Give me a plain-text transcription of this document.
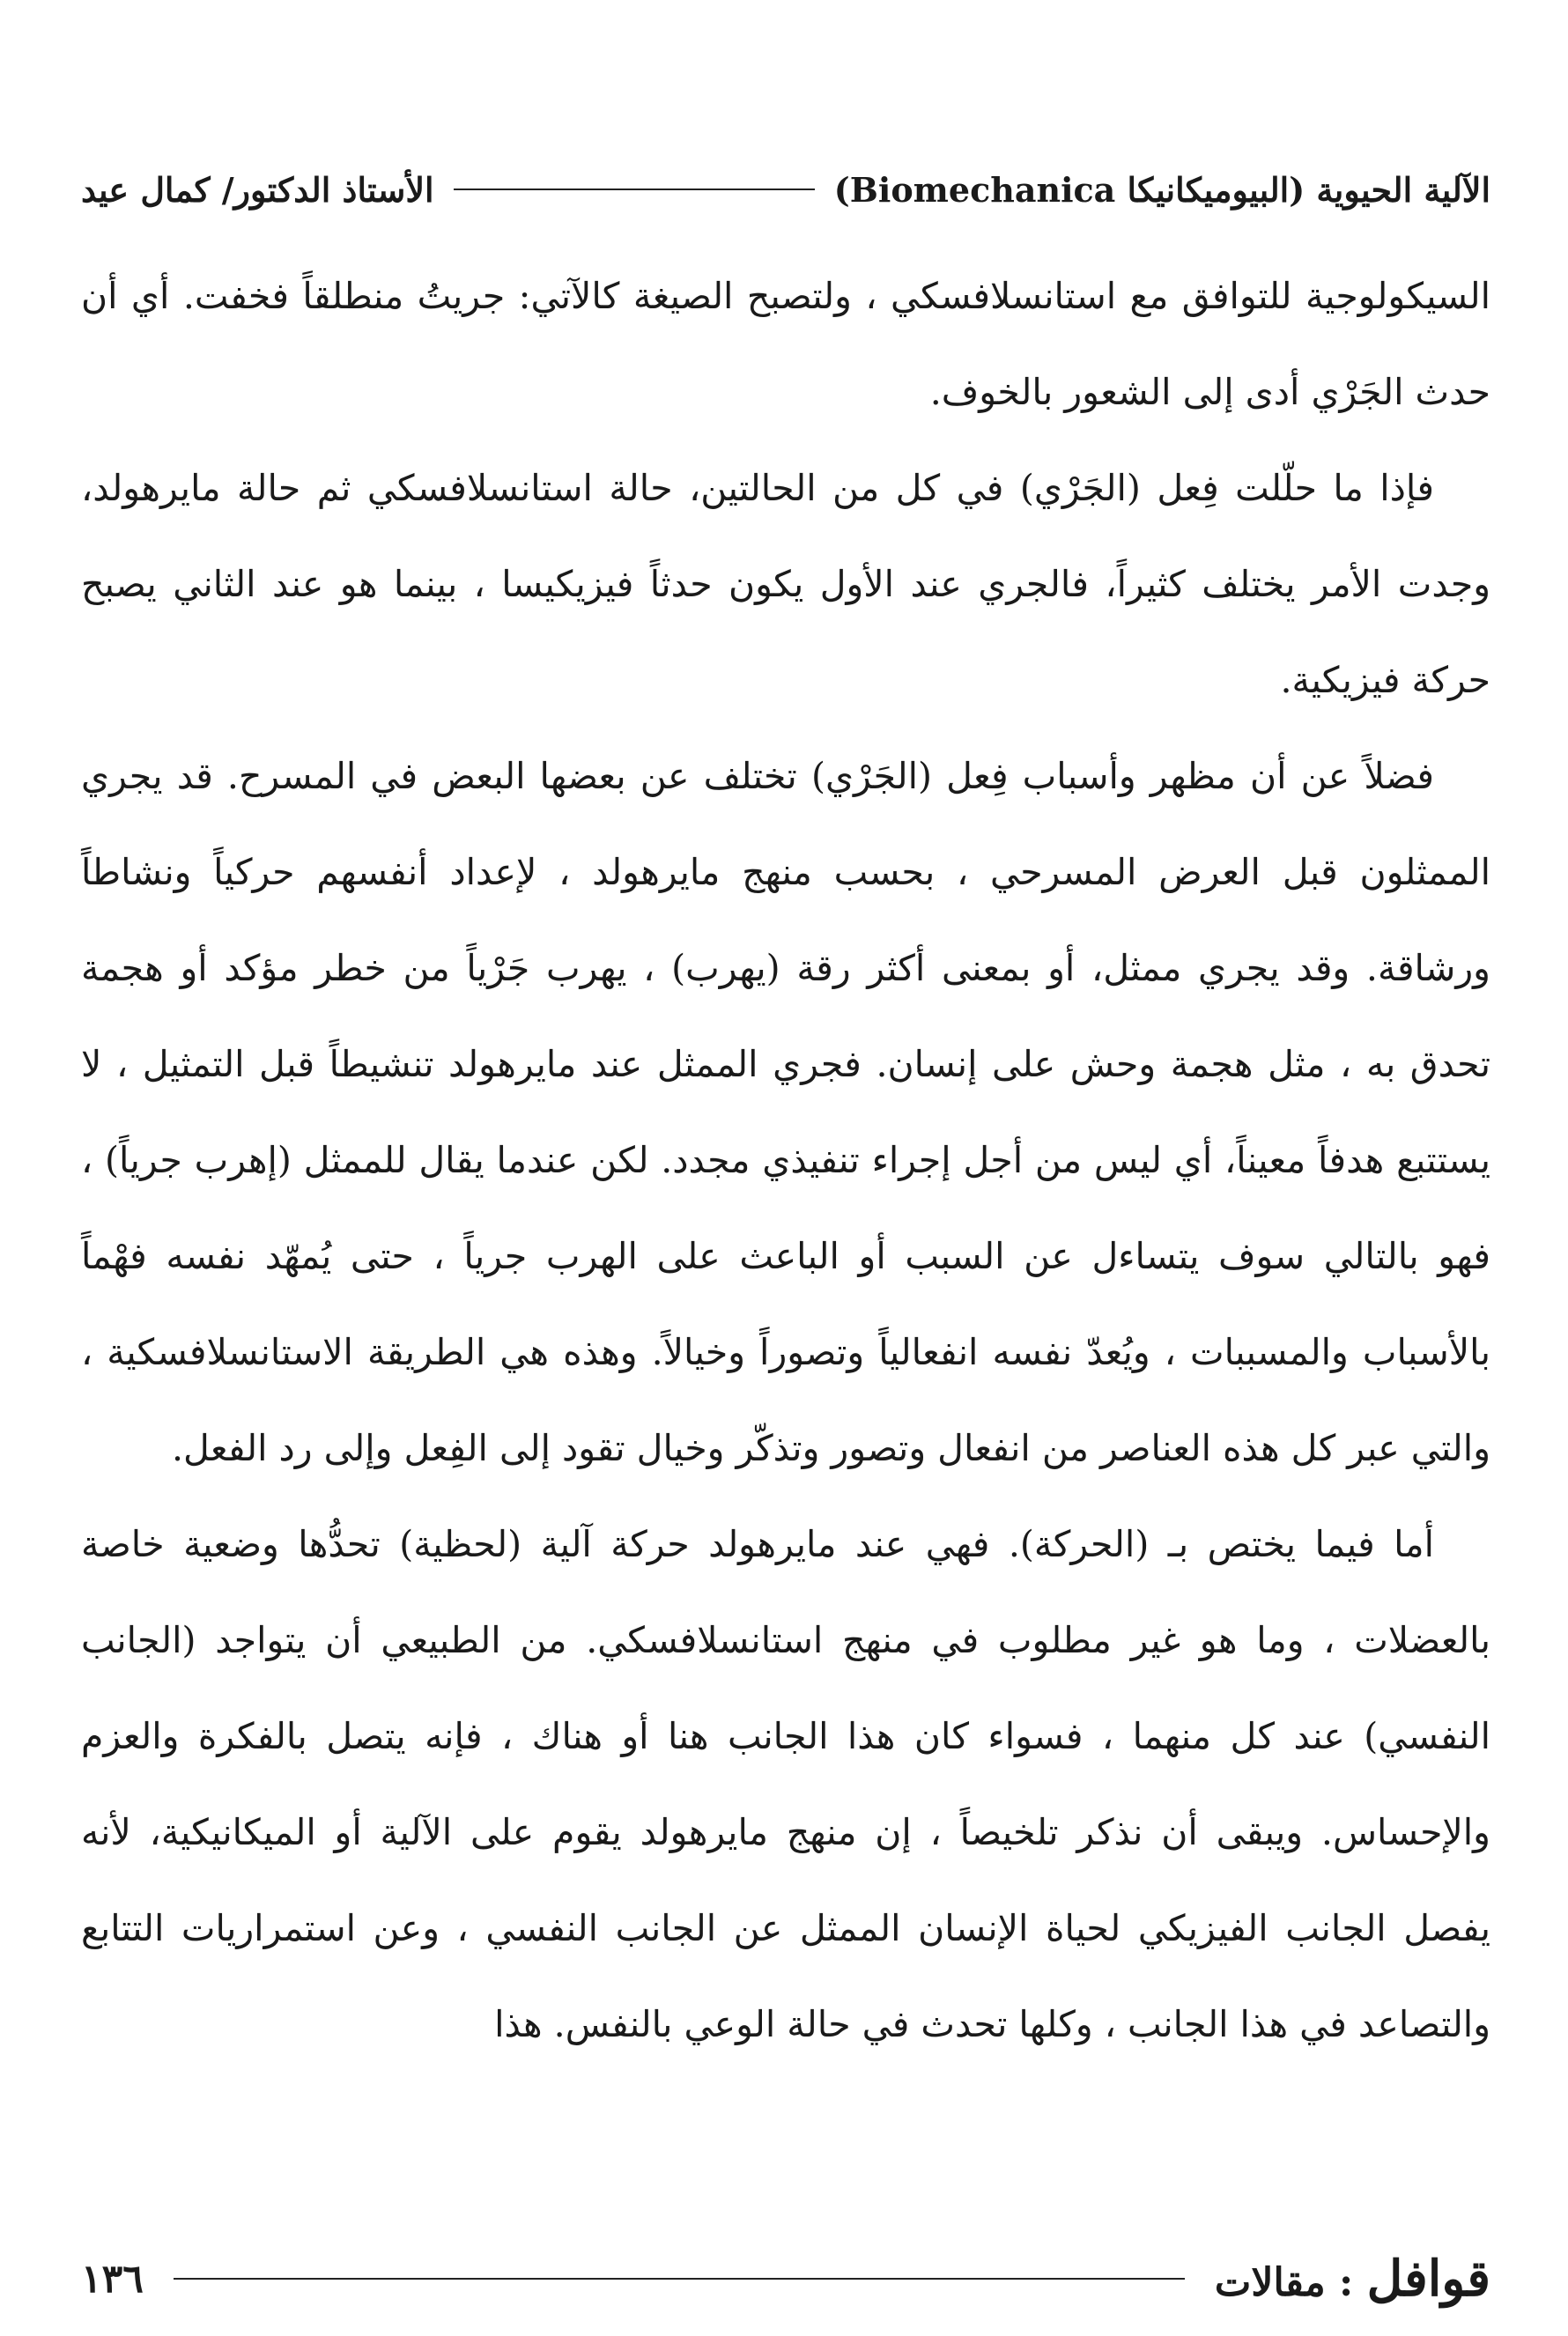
الآلية الحيوية (البيوميكانيكا Biomechanica)
الأستاذ الدكتور/ كمال عيد

السيكولوجية للتوافق مع استانسلافسكي ، ولتصبح الصيغة كالآتي: جريتُ منطلقاً فخفت. أي أن حدث الجَرْي أدى إلى الشعور بالخوف.

فإذا ما حلّلت فِعل (الجَرْي) في كل من الحالتين، حالة استانسلافسكي ثم حالة مايرهولد، وجدت الأمر يختلف كثيراً، فالجري عند الأول يكون حدثاً فيزيكيسا ، بينما هو عند الثاني يصبح حركة فيزيكية.

فضلاً عن أن مظهر وأسباب فِعل (الجَرْي) تختلف عن بعضها البعض في المسرح. قد يجري الممثلون قبل العرض المسرحي ، بحسب منهج مايرهولد ، لإعداد أنفسهم حركياً ونشاطاً ورشاقة. وقد يجري ممثل، أو بمعنى أكثر رقة (يهرب) ، يهرب جَرْياً من خطر مؤكد أو هجمة تحدق به ، مثل هجمة وحش على إنسان. فجري الممثل عند مايرهولد تنشيطاً قبل التمثيل ، لا يستتبع هدفاً معيناً، أي ليس من أجل إجراء تنفيذي مجدد. لكن عندما يقال للممثل (إهرب جرياً) ، فهو بالتالي سوف يتساءل عن السبب أو الباعث على الهرب جرياً ، حتى يُمهّد نفسه فهْماً بالأسباب والمسببات ، ويُعدّ نفسه انفعالياً وتصوراً وخيالاً. وهذه هي الطريقة الاستانسلافسكية ، والتي عبر كل هذه العناصر من انفعال وتصور وتذكّر وخيال تقود إلى الفِعل وإلى رد الفعل.

أما فيما يختص بـ (الحركة). فهي عند مايرهولد حركة آلية (لحظية) تحدُّها وضعية خاصة بالعضلات ، وما هو غير مطلوب في منهج استانسلافسكي. من الطبيعي أن يتواجد (الجانب النفسي) عند كل منهما ، فسواء كان هذا الجانب هنا أو هناك ، فإنه يتصل بالفكرة والعزم والإحساس. ويبقى أن نذكر تلخيصاً ، إن منهج مايرهولد يقوم على الآلية أو الميكانيكية، لأنه يفصل الجانب الفيزيكي لحياة الإنسان الممثل عن الجانب النفسي ، وعن استمراريات التتابع والتصاعد في هذا الجانب ، وكلها تحدث في حالة الوعي بالنفس. هذا

قوافل : مقالات
١٣٦
